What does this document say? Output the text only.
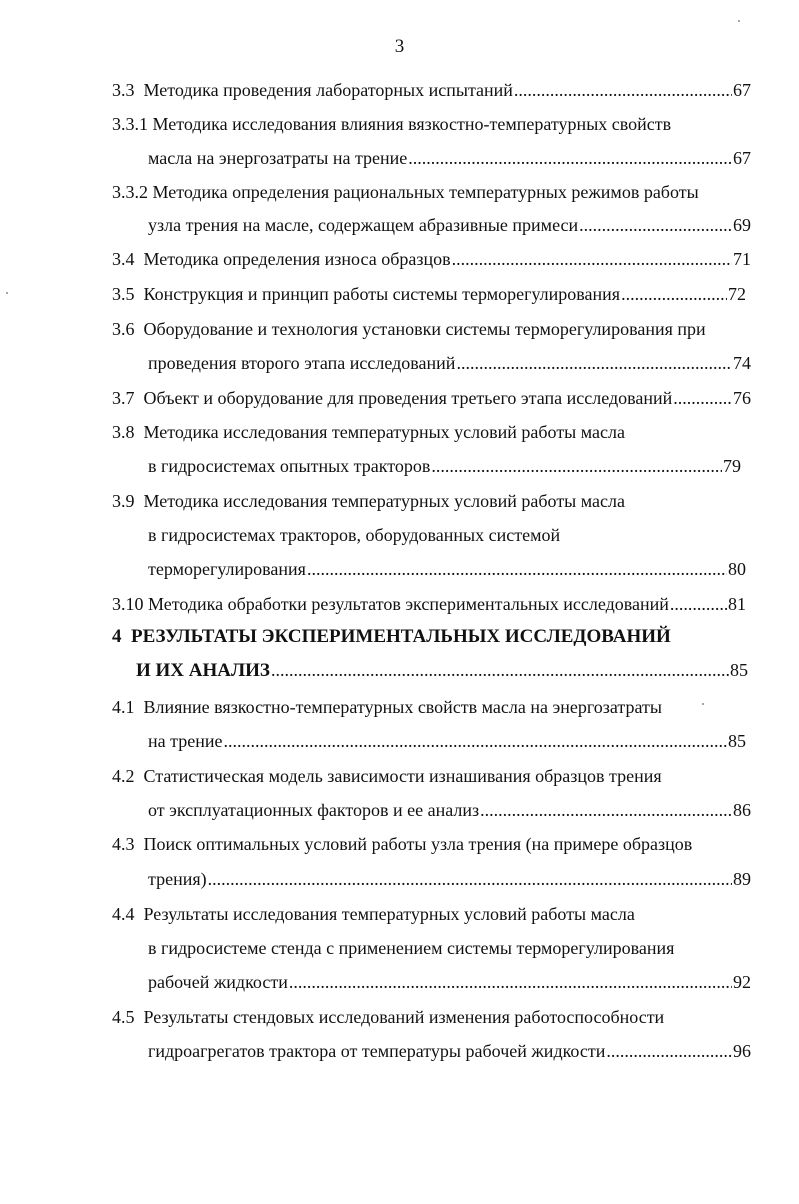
3
3.3 Методика проведения лабораторных испытаний .....	67
3.3.1 Методика исследования влияния вязкостно-температурных свойств
масла на энергозатраты на трение .....	67
3.3.2 Методика определения рациональных температурных режимов работы
узла трения на масле, содержащем абразивные примеси .....	69
3.4 Методика определения износа образцов .....	71
3.5 Конструкция и принцип работы системы терморегулирования .....	72
3.6 Оборудование и технология установки системы терморегулирования при
проведения второго этапа исследований .....	74
3.7 Объект и оборудование для проведения третьего этапа исследований .....	76
3.8 Методика исследования температурных условий работы масла
в гидросистемах опытных тракторов .....	79
3.9 Методика исследования температурных условий работы масла
в гидросистемах тракторов, оборудованных системой
терморегулирования .....	80
3.10 Методика обработки результатов экспериментальных исследований .....	81
4 РЕЗУЛЬТАТЫ ЭКСПЕРИМЕНТАЛЬНЫХ ИССЛЕДОВАНИЙ
И ИХ АНАЛИЗ .....	85
4.1 Влияние вязкостно-температурных свойств масла на энергозатраты
на трение .....	85
4.2 Статистическая модель зависимости изнашивания образцов трения
от эксплуатационных факторов и ее анализ .....	86
4.3 Поиск оптимальных условий работы узла трения (на примере образцов
трения) .....	89
4.4 Результаты исследования температурных условий работы масла
в гидросистеме стенда с применением системы терморегулирования
рабочей жидкости .....	92
4.5 Результаты стендовых исследований изменения работоспособности
гидроагрегатов трактора от температуры рабочей жидкости .....	96
